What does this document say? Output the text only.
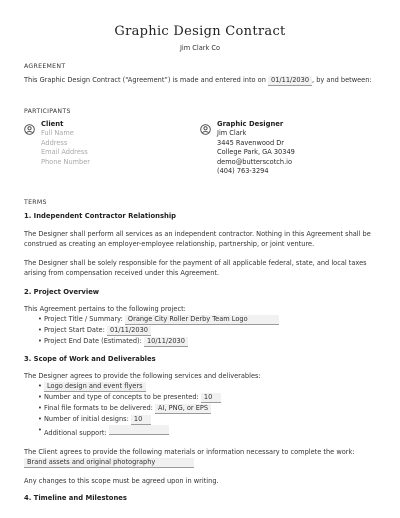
Graphic Design Contract
Jim Clark Co
AGREEMENT
This Graphic Design Contract (“Agreement”) is made and entered into on 01/11/2030 , by and between:
PARTICIPANTS
Client
Full Name
Address
Email Address
Phone Number
Graphic Designer
Jim Clark
3445 Ravenwood Dr
College Park, GA 30349
demo@butterscotch.io
(404) 763-3294
TERMS
1. Independent Contractor Relationship
The Designer shall perform all services as an independent contractor. Nothing in this Agreement shall be construed as creating an employer-employee relationship, partnership, or joint venture.
The Designer shall be solely responsible for the payment of all applicable federal, state, and local taxes arising from compensation received under this Agreement.
2. Project Overview
This Agreement pertains to the following project:
• Project Title / Summary: Orange City Roller Derby Team Logo
• Project Start Date: 01/11/2030
• Project End Date (Estimated): 10/11/2030
3. Scope of Work and Deliverables
The Designer agrees to provide the following services and deliverables:
• Logo design and event flyers
• Number and type of concepts to be presented: 10
• Final file formats to be delivered: AI, PNG, or EPS
• Number of initial designs: 10
• Additional support:
The Client agrees to provide the following materials or information necessary to complete the work:
Brand assets and original photography
Any changes to this scope must be agreed upon in writing.
4. Timeline and Milestones
